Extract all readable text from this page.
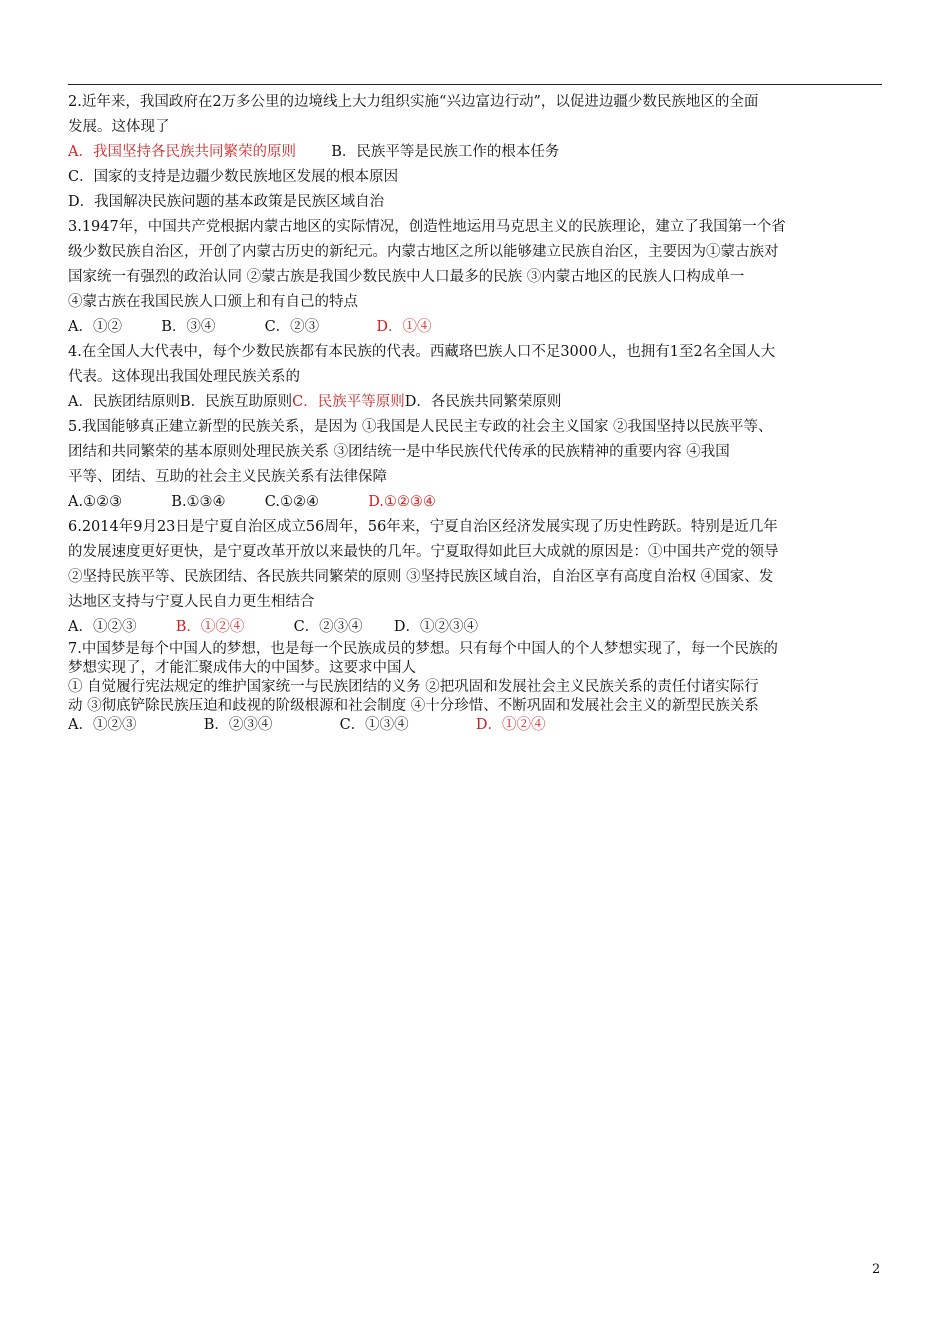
2.近年来，我国政府在2万多公里的边境线上大力组织实施“兴边富边行动”，以促进边疆少数民族地区的全面
发展。这体现了
A．我国坚持各民族共同繁荣的原则 B．民族平等是民族工作的根本任务
C．国家的支持是边疆少数民族地区发展的根本原因
D．我国解决民族问题的基本政策是民族区域自治
3.1947年，中国共产党根据内蒙古地区的实际情况，创造性地运用马克思主义的民族理论，建立了我国第一个省
级少数民族自治区，开创了内蒙古历史的新纪元。内蒙古地区之所以能够建立民族自治区，主要因为①蒙古族对
国家统一有强烈的政治认同 ②蒙古族是我国少数民族中人口最多的民族 ③内蒙古地区的民族人口构成单一
④蒙古族在我国民族人口颁上和有自己的特点
A．①②	B．③④	C．②③	D．①④
4.在全国人大代表中，每个少数民族都有本民族的代表。西藏珞巴族人口不足3000人，也拥有1至2名全国人大
代表。这体现出我国处理民族关系的
A．民族团结原则B．民族互助原则C．民族平等原则D．各民族共同繁荣原则
5.我国能够真正建立新型的民族关系，是因为 ①我国是人民民主专政的社会主义国家 ②我国坚持以民族平等、
团结和共同繁荣的基本原则处理民族关系 ③团结统一是中华民族代代传承的民族精神的重要内容 ④我国
平等、团结、互助的社会主义民族关系有法律保障
A.①②③	B.①③④	C.①②④	D.①②③④
6.2014年9月23日是宁夏自治区成立56周年，56年来，宁夏自治区经济发展实现了历史性跨跃。特别是近几年
的发展速度更好更快，是宁夏改革开放以来最快的几年。宁夏取得如此巨大成就的原因是：①中国共产党的领导
②坚持民族平等、民族团结、各民族共同繁荣的原则 ③坚持民族区域自治，自治区享有高度自治权 ④国家、发
达地区支持与宁夏人民自力更生相结合
A．①②③	B．①②④	C．②③④ D．①②③④
7.中国梦是每个中国人的梦想，也是每一个民族成员的梦想。只有每个中国人的个人梦想实现了，每一个民族的
梦想实现了，才能汇聚成伟大的中国梦。这要求中国人
① 自觉履行宪法规定的维护国家统一与民族团结的义务 ②把巩固和发展社会主义民族关系的责任付诸实际行
动 ③彻底铲除民族压迫和歧视的阶级根源和社会制度 ④十分珍惜、不断巩固和发展社会主义的新型民族关系
A．①②③	B．②③④	C．①③④	D．①②④
2
